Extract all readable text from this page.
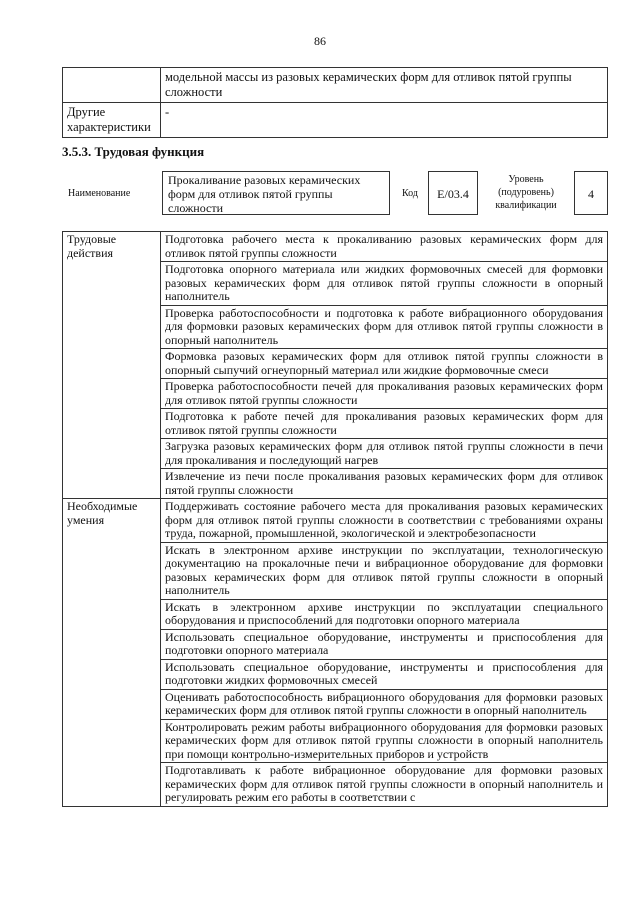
86
	модельной массы из разовых керамических форм для отливок пятой группы сложности
Другие характеристики	-
3.5.3. Трудовая функция
Наименование
Прокаливание разовых керамических форм для отливок пятой группы сложности
Код	E/03.4
Уровень (подуровень) квалификации
4
Трудовые действия	Подготовка рабочего места к прокаливанию разовых керамических форм для отливок пятой группы сложности
	Подготовка опорного материала или жидких формовочных смесей для формовки разовых керамических форм для отливок пятой группы сложности в опорный наполнитель
	Проверка работоспособности и подготовка к работе вибрационного оборудования для формовки разовых керамических форм для отливок пятой группы сложности в опорный наполнитель
	Формовка разовых керамических форм для отливок пятой группы сложности в опорный сыпучий огнеупорный материал или жидкие формовочные смеси
	Проверка работоспособности печей для прокаливания разовых керамических форм для отливок пятой группы сложности
	Подготовка к работе печей для прокаливания разовых керамических форм для отливок пятой группы сложности
	Загрузка разовых керамических форм для отливок пятой группы сложности в печи для прокаливания и последующий нагрев
	Извлечение из печи после прокаливания разовых керамических форм для отливок пятой группы сложности
Необходимые умения	Поддерживать состояние рабочего места для прокаливания разовых керамических форм для отливок пятой группы сложности в соответствии с требованиями охраны труда, пожарной, промышленной, экологической и электробезопасности
	Искать в электронном архиве инструкции по эксплуатации, технологическую документацию на прокалочные печи и вибрационное оборудование для формовки разовых керамических форм для отливок пятой группы сложности в опорный наполнитель
	Искать в электронном архиве инструкции по эксплуатации специального оборудования и приспособлений для подготовки опорного материала
	Использовать специальное оборудование, инструменты и приспособления для подготовки опорного материала
	Использовать специальное оборудование, инструменты и приспособления для подготовки жидких формовочных смесей
	Оценивать работоспособность вибрационного оборудования для формовки разовых керамических форм для отливок пятой группы сложности в опорный наполнитель
	Контролировать режим работы вибрационного оборудования для формовки разовых керамических форм для отливок пятой группы сложности в опорный наполнитель при помощи контрольно-измерительных приборов и устройств
	Подготавливать к работе вибрационное оборудование для формовки разовых керамических форм для отливок пятой группы сложности в опорный наполнитель и регулировать режим его работы в соответствии с
